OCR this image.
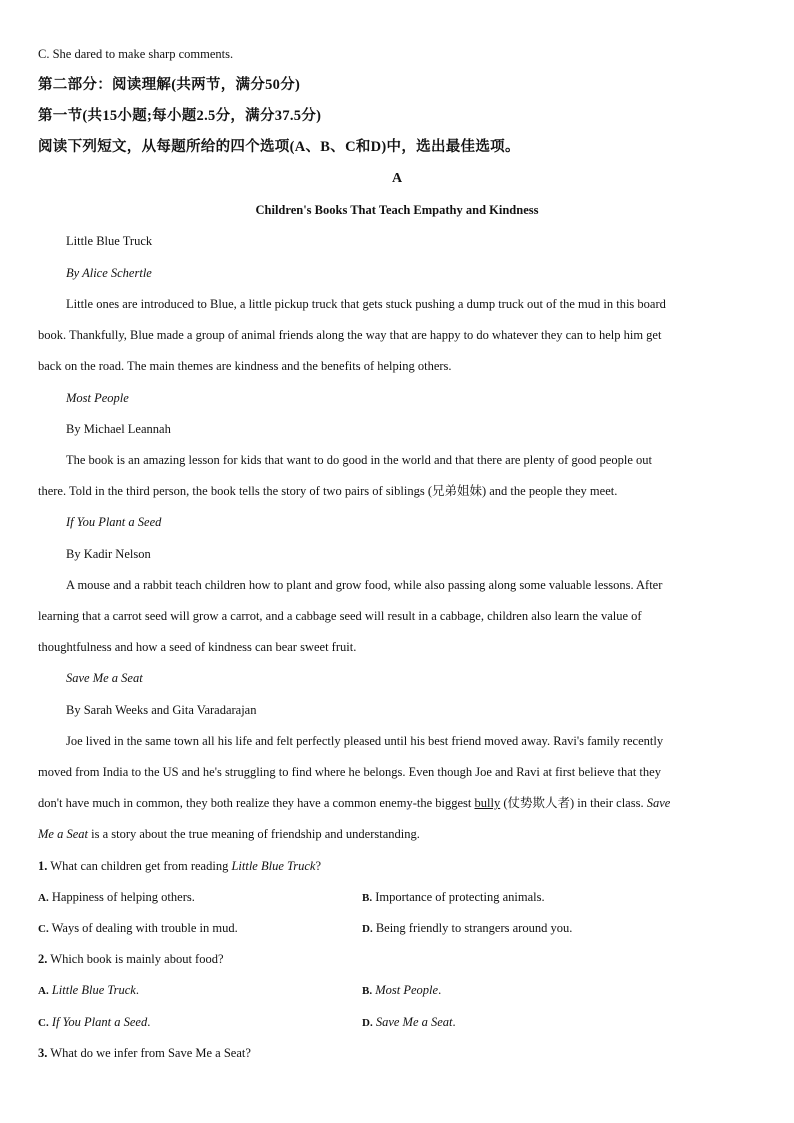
C. She dared to make sharp comments.
第二部分：阅读理解(共两节，满分50分)
第一节(共15小题;每小题2.5分，满分37.5分)
阅读下列短文，从每题所给的四个选项(A、B、C和D)中，选出最佳选项。
A
Children's Books That Teach Empathy and Kindness
Little Blue Truck
By Alice Schertle
Little ones are introduced to Blue, a little pickup truck that gets stuck pushing a dump truck out of the mud in this board
book. Thankfully, Blue made a group of animal friends along the way that are happy to do whatever they can to help him get
back on the road. The main themes are kindness and the benefits of helping others.
Most People
By Michael Leannah
The book is an amazing lesson for kids that want to do good in the world and that there are plenty of good people out
there. Told in the third person, the book tells the story of two pairs of siblings (兄弟姐妹) and the people they meet.
If You Plant a Seed
By Kadir Nelson
A mouse and a rabbit teach children how to plant and grow food, while also passing along some valuable lessons. After
learning that a carrot seed will grow a carrot, and a cabbage seed will result in a cabbage, children also learn the value of
thoughtfulness and how a seed of kindness can bear sweet fruit.
Save Me a Seat
By Sarah Weeks and Gita Varadarajan
Joe lived in the same town all his life and felt perfectly pleased until his best friend moved away. Ravi's family recently
moved from India to the US and he's struggling to find where he belongs. Even though Joe and Ravi at first believe that they
don't have much in common, they both realize they have a common enemy-the biggest bully (仗势欺人者) in their class. Save
Me a Seat is a story about the true meaning of friendship and understanding.
1. What can children get from reading Little Blue Truck?
A. Happiness of helping others.	B. Importance of protecting animals.
C. Ways of dealing with trouble in mud.	D. Being friendly to strangers around you.
2. Which book is mainly about food?
A. Little Blue Truck.	B. Most People.
C. If You Plant a Seed.	D. Save Me a Seat.
3. What do we infer from Save Me a Seat?
